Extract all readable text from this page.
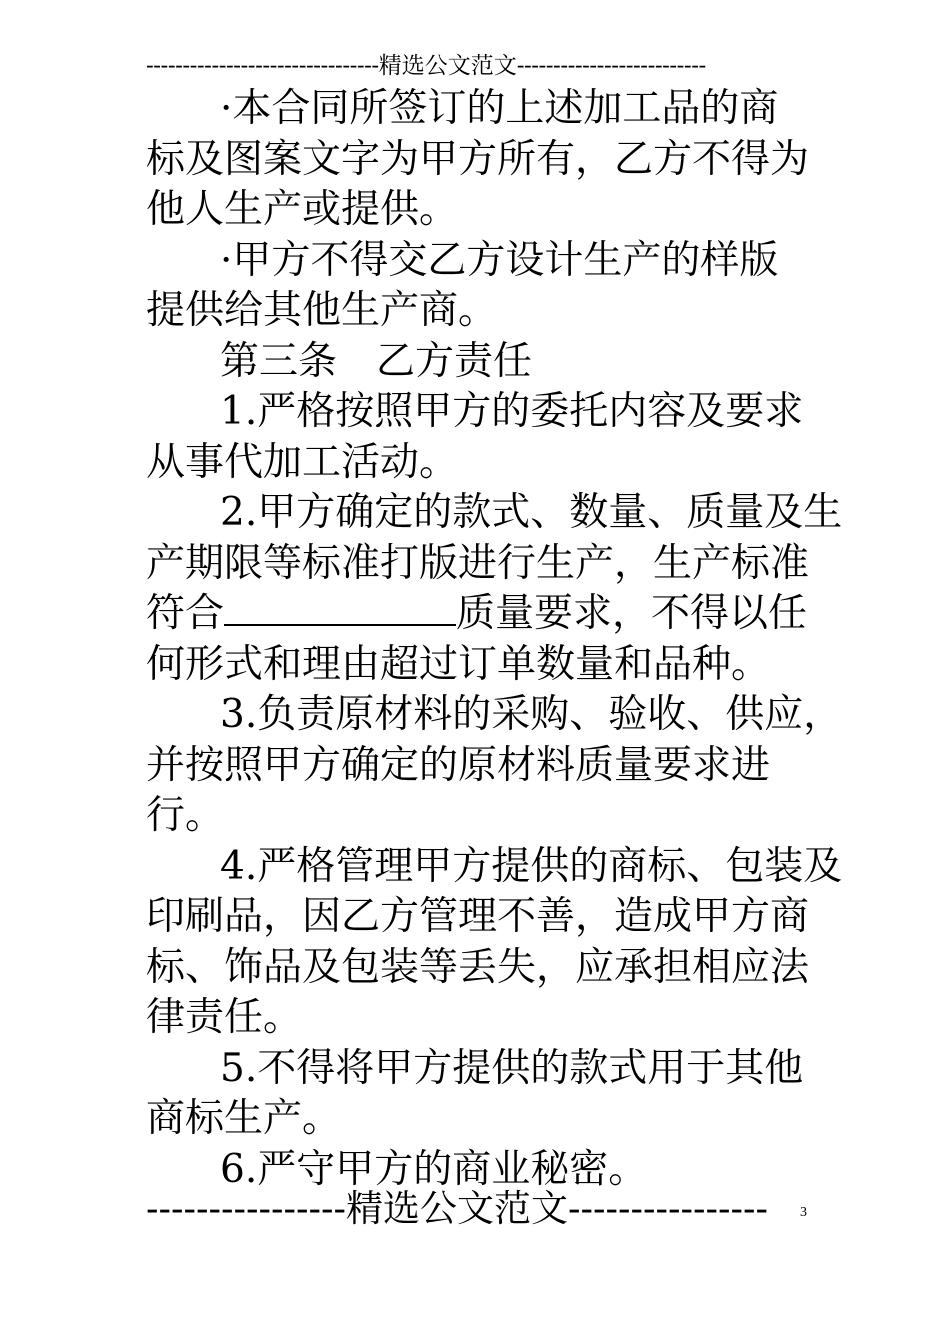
--------------------------------精选公文范文--------------------------
·本合同所签订的上述加工品的商
标及图案文字为甲方所有，乙方不得为
他人生产或提供。
·甲方不得交乙方设计生产的样版
提供给其他生产商。
第三条　乙方责任
1.严格按照甲方的委托内容及要求
从事代加工活动。
2.甲方确定的款式、数量、质量及生
产期限等标准打版进行生产，生产标准
符合	质量要求，不得以任
何形式和理由超过订单数量和品种。
3.负责原材料的采购、验收、供应，
并按照甲方确定的原材料质量要求进
行。
4.严格管理甲方提供的商标、包装及
印刷品，因乙方管理不善，造成甲方商
标、饰品及包装等丢失，应承担相应法
律责任。
5.不得将甲方提供的款式用于其他
商标生产。
6.严守甲方的商业秘密。
----------------精选公文范文----------------	3
